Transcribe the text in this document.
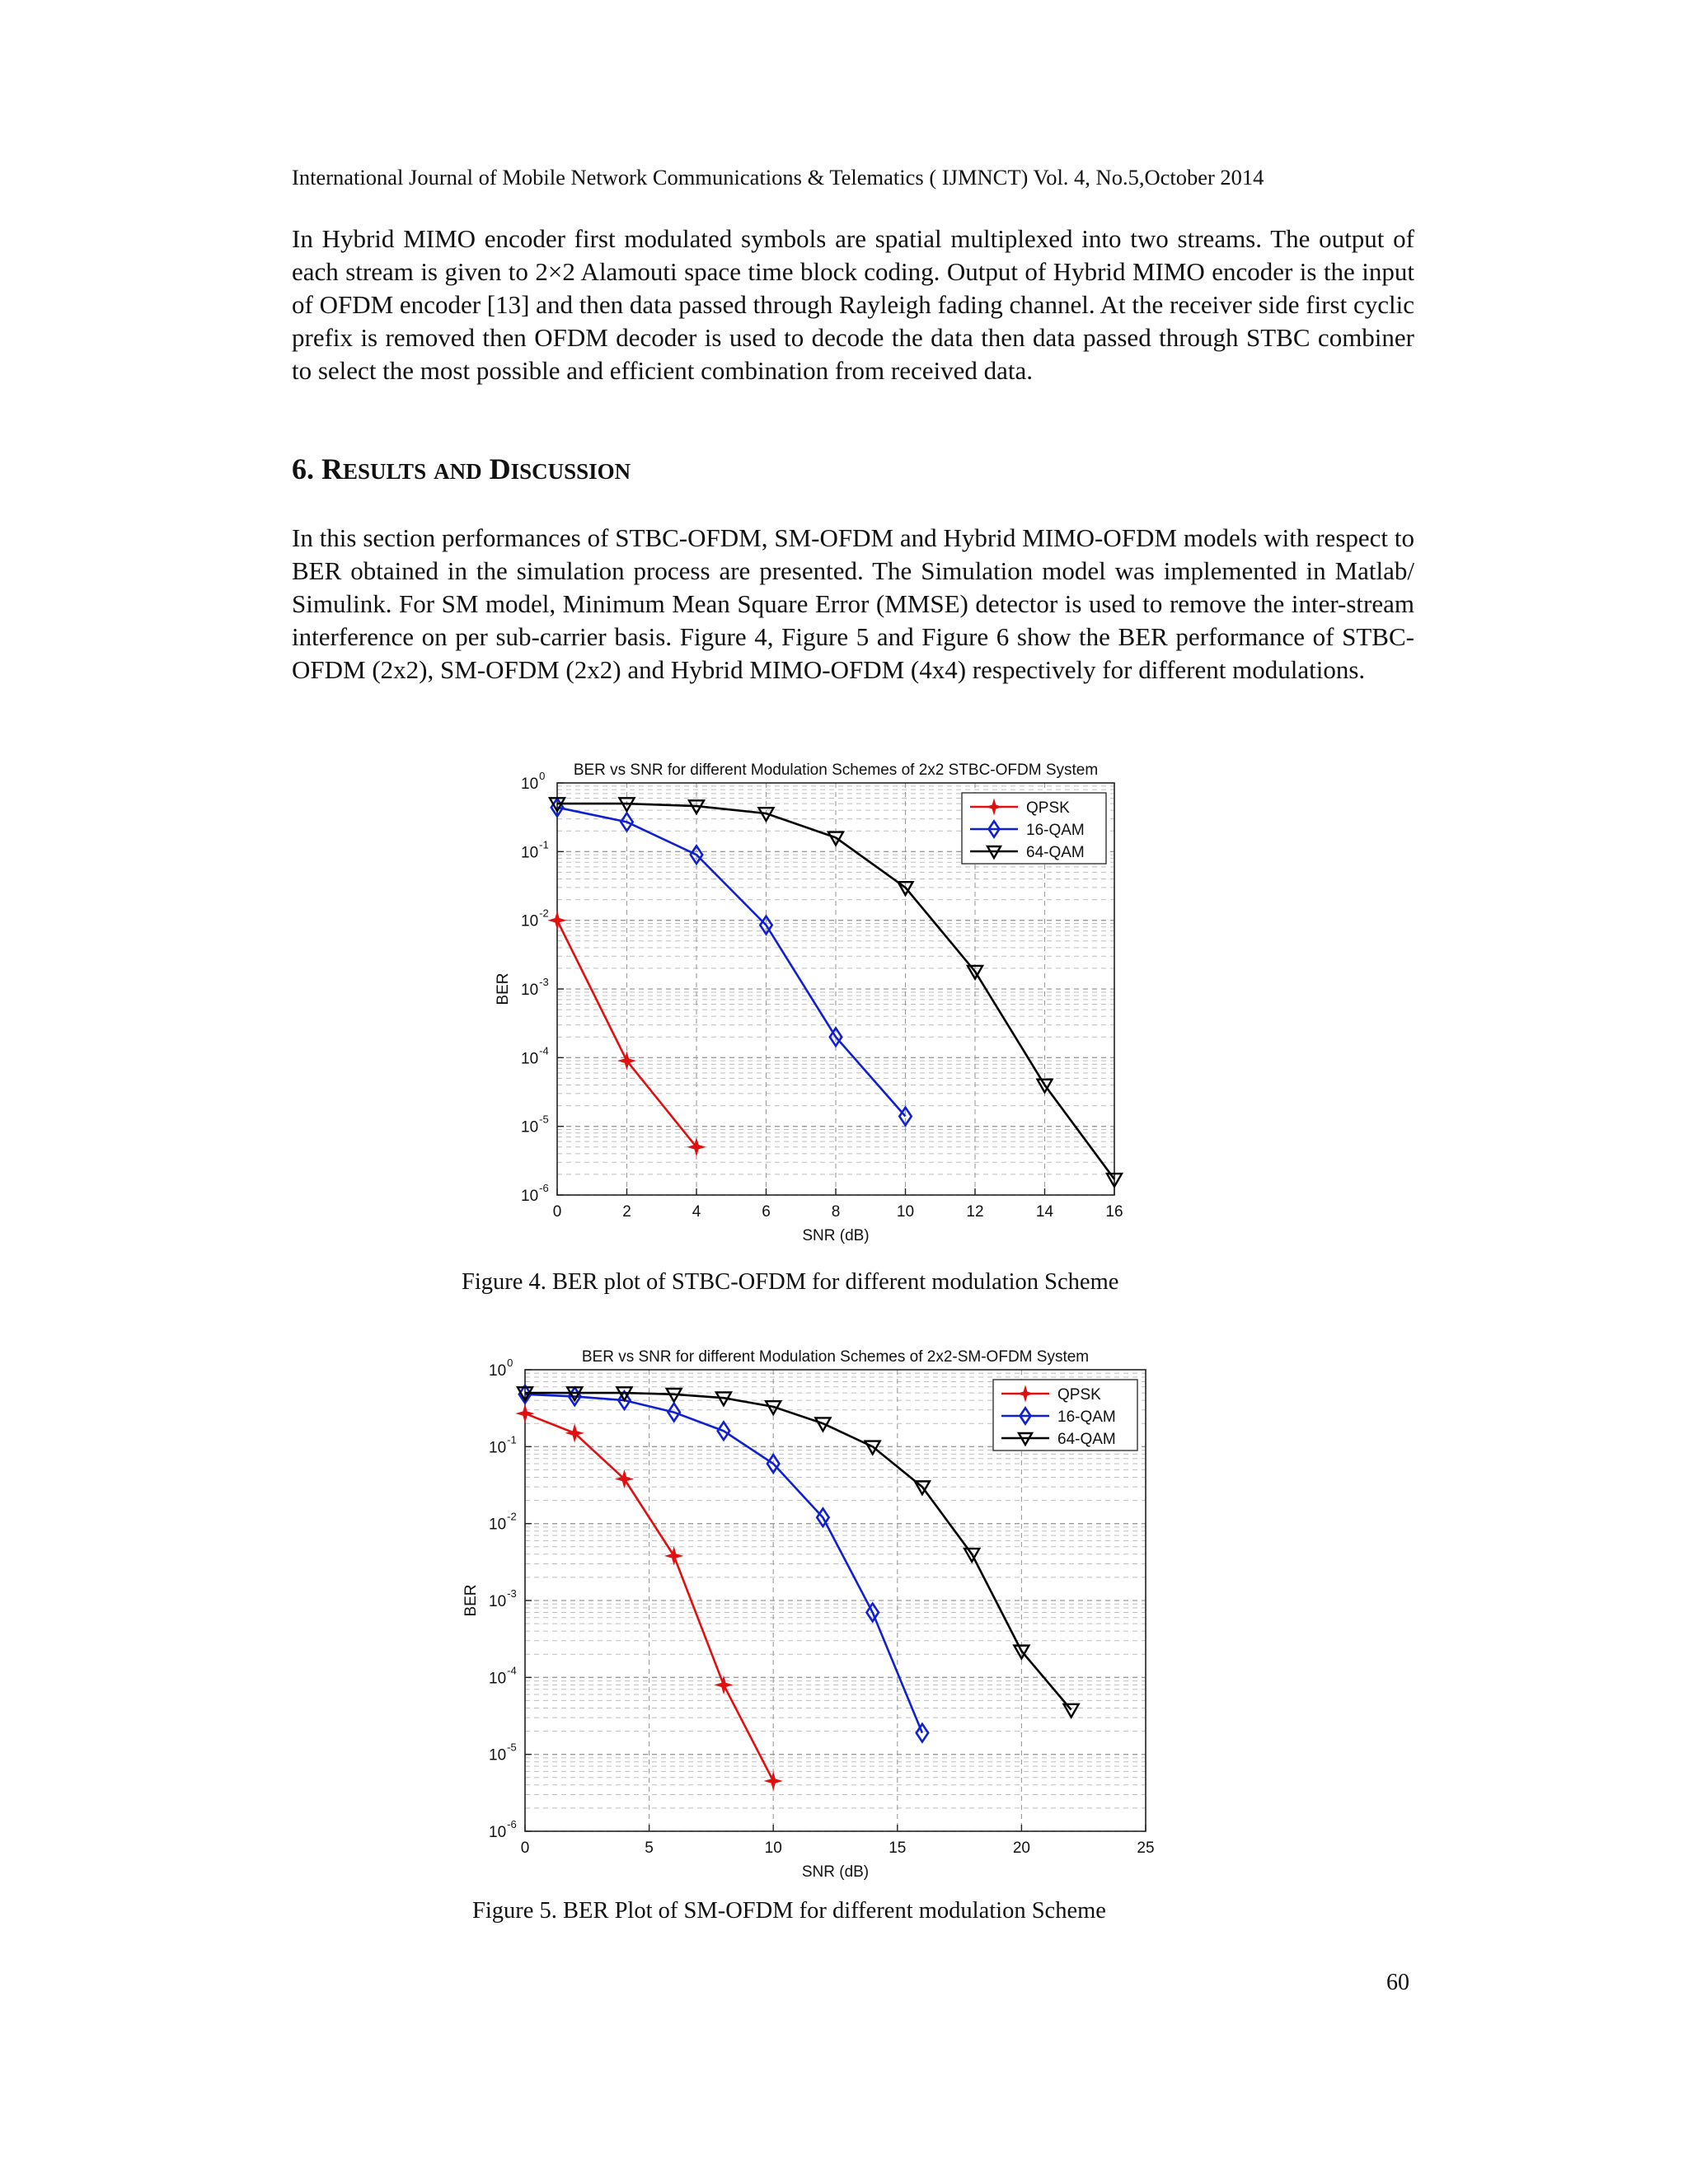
International Journal of Mobile Network Communications & Telematics ( IJMNCT) Vol. 4, No.5,October 2014

In Hybrid MIMO encoder first modulated symbols are spatial multiplexed into two streams. The output of each stream is given to 2×2 Alamouti space time block coding. Output of Hybrid MIMO encoder is the input of OFDM encoder [13] and then data passed through Rayleigh fading channel. At the receiver side first cyclic prefix is removed then OFDM decoder is used to decode the data then data passed through STBC combiner to select the most possible and efficient combination from received data.

6. RESULTS AND DISCUSSION

In this section performances of STBC-OFDM, SM-OFDM and Hybrid MIMO-OFDM models with respect to BER obtained in the simulation process are presented. The Simulation model was implemented in Matlab/ Simulink. For SM model, Minimum Mean Square Error (MMSE) detector is used to remove the inter-stream interference on per sub-carrier basis. Figure 4, Figure 5 and Figure 6 show the BER performance of STBC-OFDM (2x2), SM-OFDM (2x2) and Hybrid MIMO-OFDM (4x4) respectively for different modulations.

0	2	4	6	8	10	12	14	16
$10^0$
$10^{-1}$
$10^{-2}$
$10^{-3}$
$10^{-4}$
$10^{-5}$
$10^{-6}$
BER vs SNR for different Modulation Schemes of 2x2 STBC-OFDM System
SNR (dB)
BER
QPSK
16-QAM
64-QAM

Figure 4. BER plot of STBC-OFDM for different modulation Scheme

0	5	10	15	20	25
$10^0$
$10^{-1}$
$10^{-2}$
$10^{-3}$
$10^{-4}$
$10^{-5}$
$10^{-6}$
BER vs SNR for different Modulation Schemes of 2x2-SM-OFDM System
SNR (dB)
BER
QPSK
16-QAM
64-QAM

Figure 5. BER Plot of SM-OFDM for different modulation Scheme

60
